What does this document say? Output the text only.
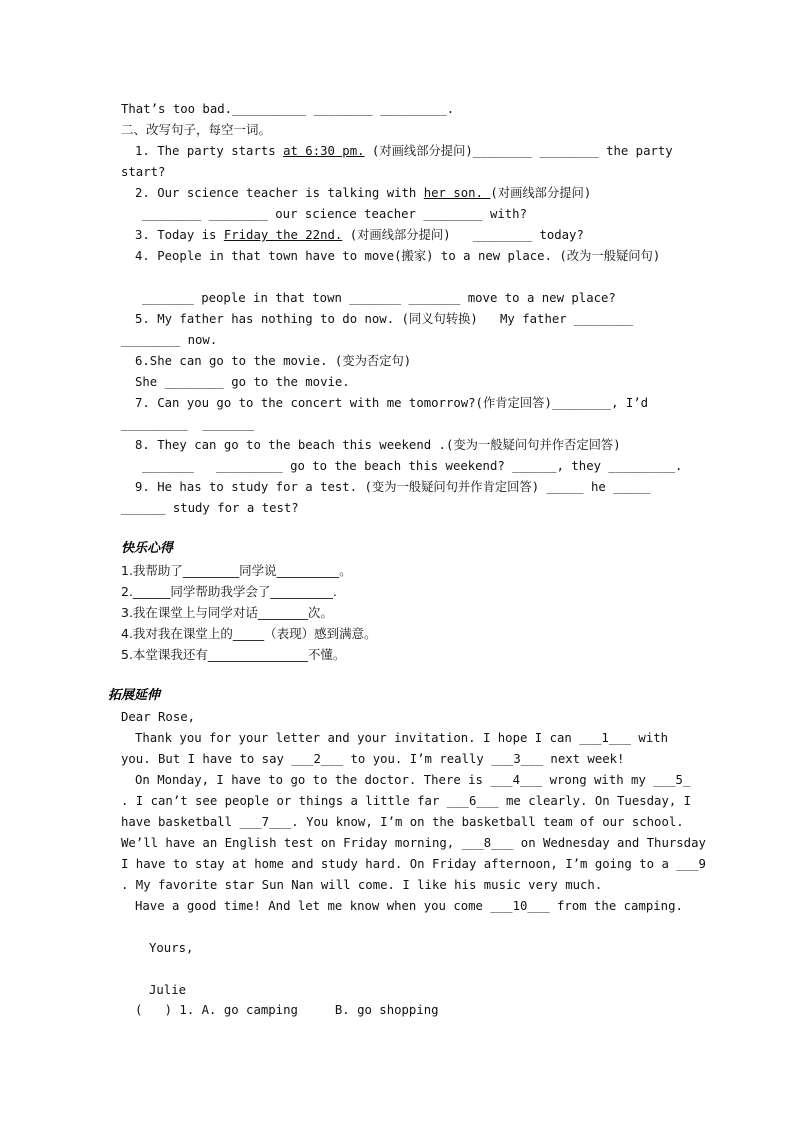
That’s too bad.__________ ________ _________.
二、改写句子，每空一词。
1. The party starts at 6:30 pm. (对画线部分提问)________ ________ the party
start?
2. Our science teacher is talking with her son. (对画线部分提问)
________ ________ our science teacher ________ with?
3. Today is Friday the 22nd. (对画线部分提问)   ________ today?
4. People in that town have to move(搬家) to a new place. (改为一般疑问句)
_______ people in that town _______ _______ move to a new place?
5. My father has nothing to do now. (同义句转换)   My father ________
________ now.
6.She can go to the movie. (变为否定句)
She ________ go to the movie.
7. Can you go to the concert with me tomorrow?(作肯定回答)________, I’d
_________  _______
8. They can go to the beach this weekend .(变为一般疑问句并作否定回答)
_______   _________ go to the beach this weekend? ______, they _________.
9. He has to study for a test. (变为一般疑问句并作肯定回答) _____ he _____
______ study for a test?
快乐心得
1.我帮助了_________同学说__________。
2.______同学帮助我学会了__________.
3.我在课堂上与同学对话________次。
4.我对我在课堂上的_____（表现）感到满意。
5.本堂课我还有________________不懂。
拓展延伸
Dear Rose,
Thank you for your letter and your invitation. I hope I can ___1___ with
you. But I have to say ___2___ to you. I’m really ___3___ next week!
On Monday, I have to go to the doctor. There is ___4___ wrong with my ___5_
. I can’t see people or things a little far ___6___ me clearly. On Tuesday, I
have basketball ___7___. You know, I’m on the basketball team of our school.
We’ll have an English test on Friday morning, ___8___ on Wednesday and Thursday
I have to stay at home and study hard. On Friday afternoon, I’m going to a ___9
. My favorite star Sun Nan will come. I like his music very much.
Have a good time! And let me know when you come ___10___ from the camping.
Yours,
Julie
(   ) 1. A. go camping     B. go shopping
